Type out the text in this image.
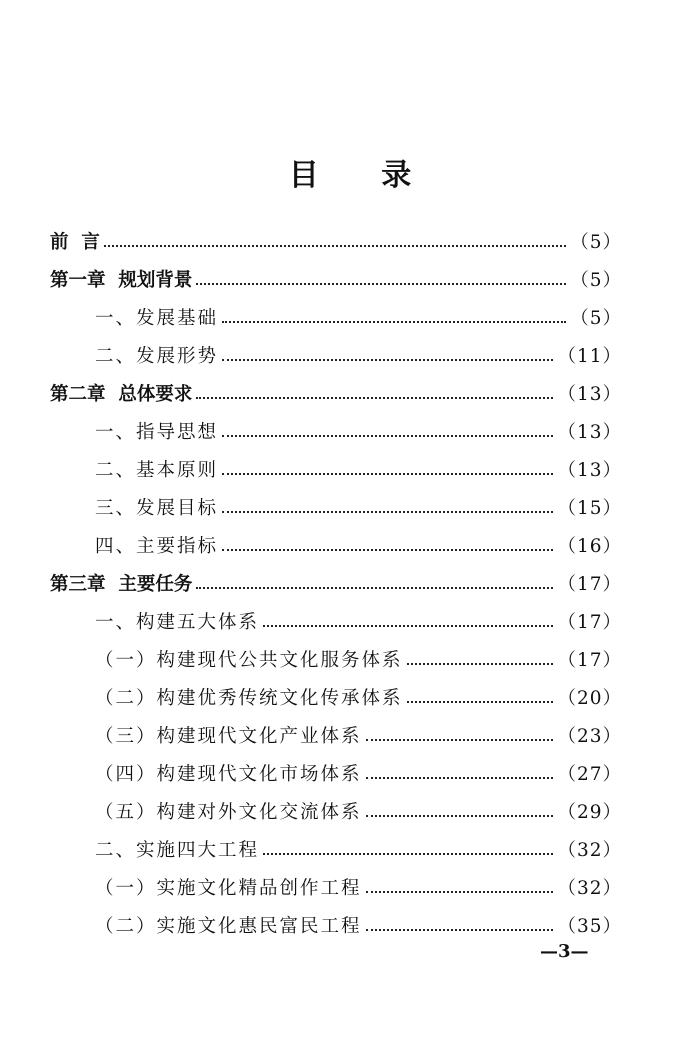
目 录
前  言	（5）
第一章  规划背景	（5）
一、发展基础	（5）
二、发展形势	（11）
第二章  总体要求	（13）
一、指导思想	（13）
二、基本原则	（13）
三、发展目标	（15）
四、主要指标	（16）
第三章  主要任务	（17）
一、构建五大体系	（17）
（一）构建现代公共文化服务体系	（17）
（二）构建优秀传统文化传承体系	（20）
（三）构建现代文化产业体系	（23）
（四）构建现代文化市场体系	（27）
（五）构建对外文化交流体系	（29）
二、实施四大工程	（32）
（一）实施文化精品创作工程	（32）
（二）实施文化惠民富民工程	（35）
—3—
